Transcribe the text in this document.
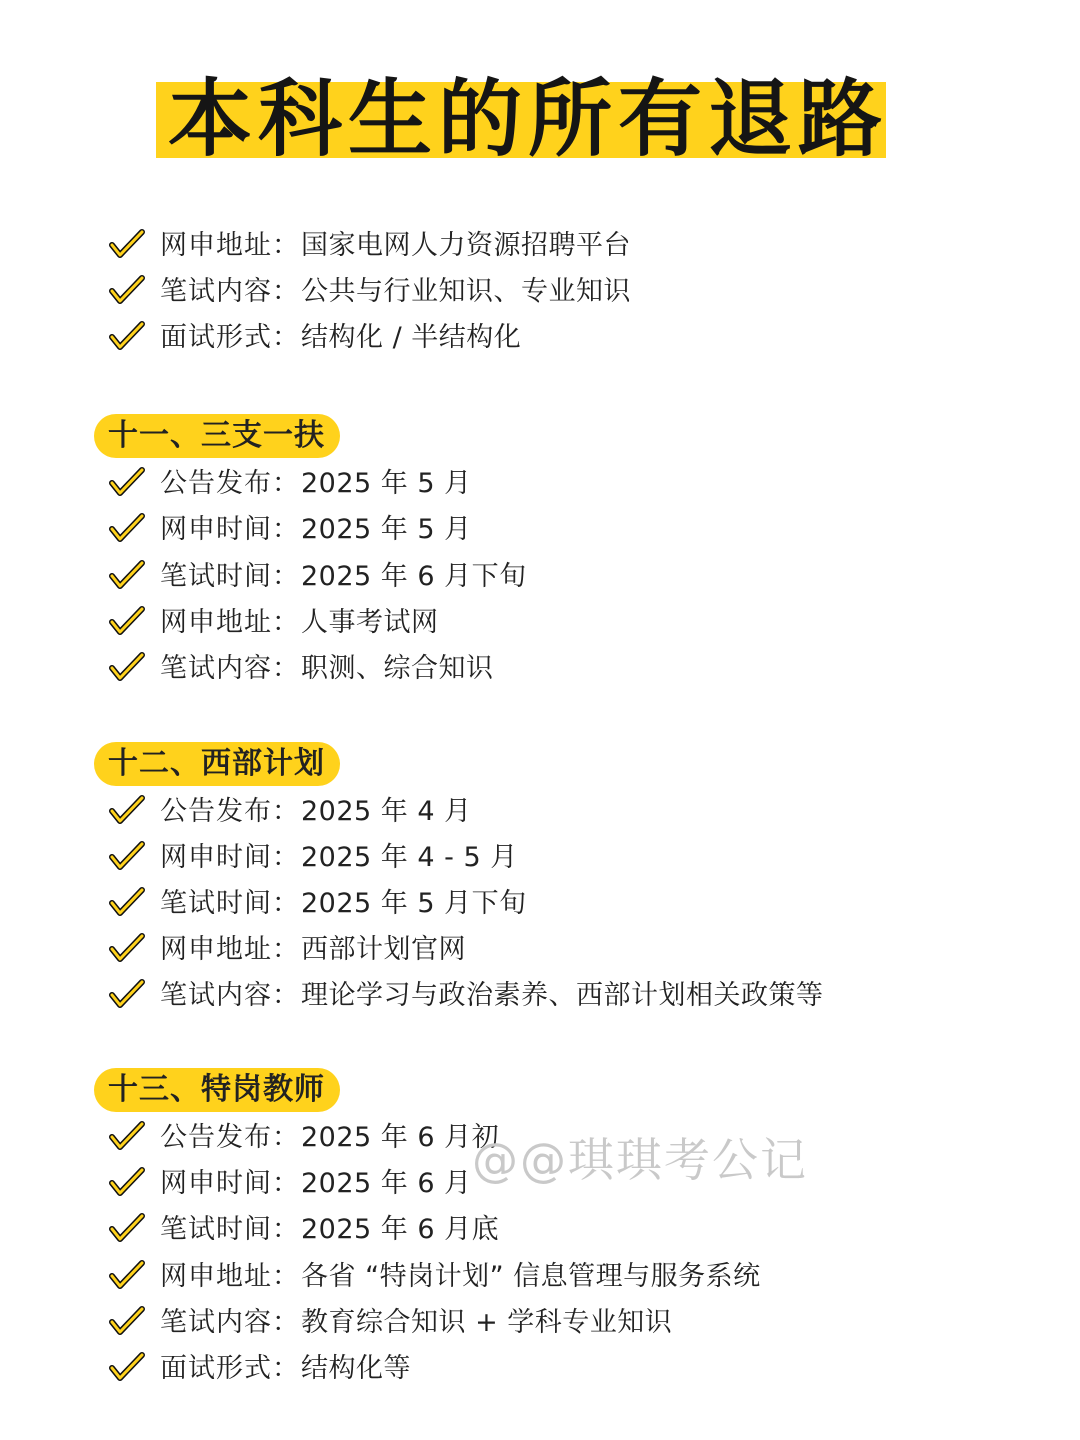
本科生的所有退路
网申地址：国家电网人力资源招聘平台
笔试内容：公共与行业知识、专业知识
面试形式：结构化 / 半结构化
十一、三支一扶
公告发布：2025 年 5 月
网申时间：2025 年 5 月
笔试时间：2025 年 6 月下旬
网申地址：人事考试网
笔试内容：职测、综合知识
十二、西部计划
公告发布：2025 年 4 月
网申时间：2025 年 4 - 5 月
笔试时间：2025 年 5 月下旬
网申地址：西部计划官网
笔试内容：理论学习与政治素养、西部计划相关政策等
十三、特岗教师
公告发布：2025 年 6 月初
网申时间：2025 年 6 月
笔试时间：2025 年 6 月底
网申地址：各省 “特岗计划” 信息管理与服务系统
笔试内容：教育综合知识 + 学科专业知识
面试形式：结构化等
@@琪琪考公记
